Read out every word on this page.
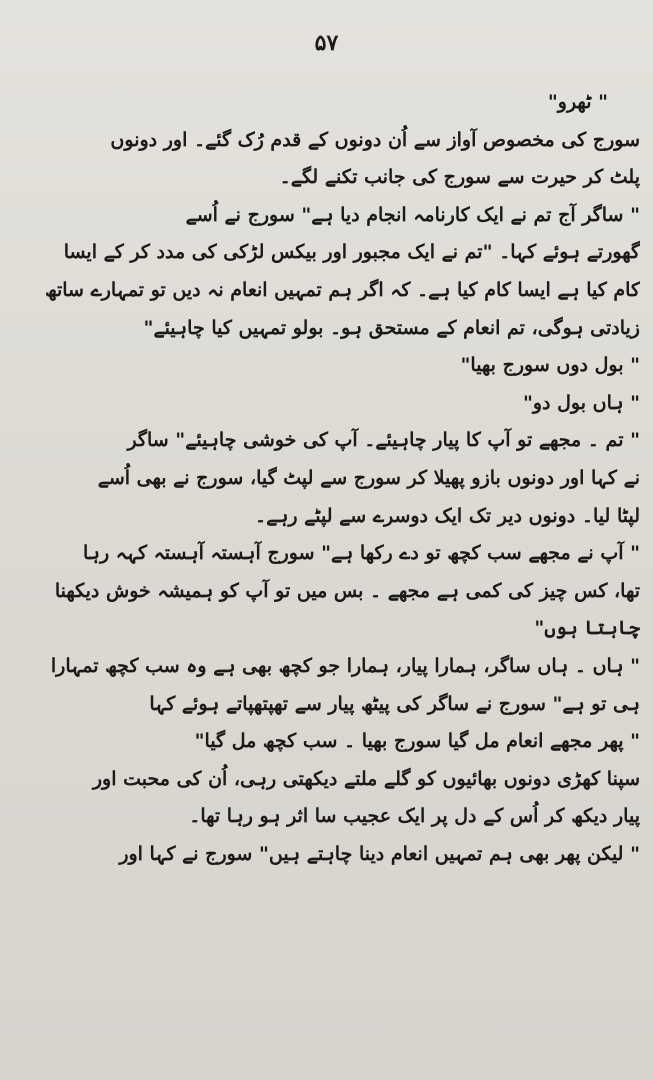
۵۷
" ٹھرو"
سورج کی مخصوص آواز سے اُن دونوں کے قدم رُک گئے۔ اور دونوں
پلٹ کر حیرت سے سورج کی جانب تکنے لگے۔
" ساگر آج تم نے ایک کارنامہ انجام دیا ہے" سورج نے اُسے
گھورتے ہوئے کہا۔ "تم نے ایک مجبور اور بیکس لڑکی کی مدد کر کے ایسا
کام کیا ہے ایسا کام کیا ہے۔ کہ اگر ہم تمہیں انعام نہ دیں تو تمہارے ساتھ
زیادتی ہوگی، تم انعام کے مستحق ہو۔ بولو تمہیں کیا چاہیئے"
" بول دوں سورج بھیا"
" ہاں بول دو"
" تم ۔ مجھے تو آپ کا پیار چاہیئے۔ آپ کی خوشی چاہیئے" ساگر
نے کہا اور دونوں بازو پھیلا کر سورج سے لپٹ گیا، سورج نے بھی اُسے
لپٹا لیا۔ دونوں دیر تک ایک دوسرے سے لپٹے رہے۔
" آپ نے مجھے سب کچھ تو دے رکھا ہے" سورج آہستہ آہستہ کہہ رہا
تھا، کس چیز کی کمی ہے مجھے ۔ بس میں تو آپ کو ہمیشہ خوش دیکھنا
چاہتا ہوں"
" ہاں ۔ ہاں ساگر، ہمارا پیار، ہمارا جو کچھ بھی ہے وہ سب کچھ تمہارا
ہی تو ہے" سورج نے ساگر کی پیٹھ پیار سے تھپتھپاتے ہوئے کہا
" پھر مجھے انعام مل گیا سورج بھیا ۔ سب کچھ مل گیا"
سپنا کھڑی دونوں بھائیوں کو گلے ملتے دیکھتی رہی، اُن کی محبت اور
پیار دیکھ کر اُس کے دل پر ایک عجیب سا اثر ہو رہا تھا۔
" لیکن پھر بھی ہم تمہیں انعام دینا چاہتے ہیں" سورج نے کہا اور
